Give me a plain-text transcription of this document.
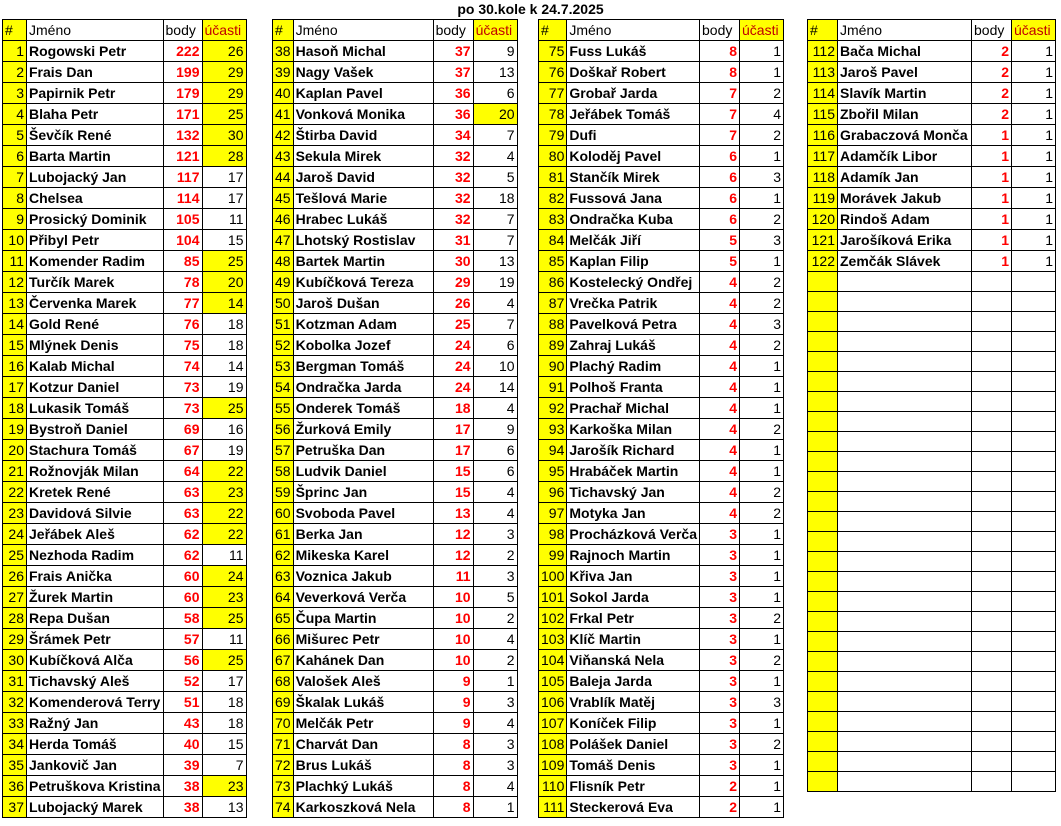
po 30.kole k 24.7.2025
#	Jméno	body	účasti
1	Rogowski Petr	222	26
2	Frais Dan	199	29
3	Papirnik Petr	179	29
4	Blaha Petr	171	25
5	Ševčík René	132	30
6	Barta Martin	121	28
7	Lubojacký Jan	117	17
8	Chelsea	114	17
9	Prosický Dominik	105	11
10	Přibyl Petr	104	15
11	Komender Radim	85	25
12	Turčík Marek	78	20
13	Červenka Marek	77	14
14	Gold René	76	18
15	Mlýnek Denis	75	18
16	Kalab Michal	74	14
17	Kotzur Daniel	73	19
18	Lukasik Tomáš	73	25
19	Bystroň Daniel	69	16
20	Stachura Tomáš	67	19
21	Rožnovják Milan	64	22
22	Kretek René	63	23
23	Davidová Silvie	63	22
24	Jeřábek Aleš	62	22
25	Nezhoda Radim	62	11
26	Frais Anička	60	24
27	Žurek Martin	60	23
28	Repa Dušan	58	25
29	Šrámek Petr	57	11
30	Kubíčková Alča	56	25
31	Tichavský Aleš	52	17
32	Komenderová Terry	51	18
33	Ražný Jan	43	18
34	Herda Tomáš	40	15
35	Jankovič Jan	39	7
36	Petruškova Kristina	38	23
37	Lubojacký Marek	38	13
#	Jméno	body	účasti
38	Hasoň Michal	37	9
39	Nagy Vašek	37	13
40	Kaplan Pavel	36	6
41	Vonková Monika	36	20
42	Štirba David	34	7
43	Sekula Mirek	32	4
44	Jaroš David	32	5
45	Tešlová Marie	32	18
46	Hrabec Lukáš	32	7
47	Lhotský Rostislav	31	7
48	Bartek Martin	30	13
49	Kubíčková Tereza	29	19
50	Jaroš Dušan	26	4
51	Kotzman Adam	25	7
52	Kobolka Jozef	24	6
53	Bergman Tomáš	24	10
54	Ondračka Jarda	24	14
55	Onderek Tomáš	18	4
56	Žurková Emily	17	9
57	Petruška Dan	17	6
58	Ludvik Daniel	15	6
59	Šprinc Jan	15	4
60	Svoboda Pavel	13	4
61	Berka Jan	12	3
62	Mikeska Karel	12	2
63	Voznica Jakub	11	3
64	Veverková Verča	10	5
65	Čupa Martin	10	2
66	Mišurec Petr	10	4
67	Kahánek Dan	10	2
68	Valošek Aleš	9	1
69	Škalak Lukáš	9	3
70	Melčák Petr	9	4
71	Charvát Dan	8	3
72	Brus Lukáš	8	3
73	Plachký Lukáš	8	4
74	Karkoszková Nela	8	1
#	Jméno	body	účasti
75	Fuss Lukáš	8	1
76	Doškař Robert	8	1
77	Grobař Jarda	7	2
78	Jeřábek Tomáš	7	4
79	Dufi	7	2
80	Koloděj Pavel	6	1
81	Stančík Mirek	6	3
82	Fussová Jana	6	1
83	Ondračka Kuba	6	2
84	Melčák Jiří	5	3
85	Kaplan Filip	5	1
86	Kostelecký Ondřej	4	2
87	Vrečka Patrik	4	2
88	Pavelková Petra	4	3
89	Zahraj Lukáš	4	2
90	Plachý Radim	4	1
91	Polhoš Franta	4	1
92	Prachař Michal	4	1
93	Karkoška Milan	4	2
94	Jarošík Richard	4	1
95	Hrabáček Martin	4	1
96	Tichavský Jan	4	2
97	Motyka Jan	4	2
98	Procházková Verča	3	1
99	Rajnoch Martin	3	1
100	Křiva Jan	3	1
101	Sokol Jarda	3	1
102	Frkal Petr	3	2
103	Klíč Martin	3	1
104	Viňanská Nela	3	2
105	Baleja Jarda	3	1
106	Vrablík Matěj	3	3
107	Koníček Filip	3	1
108	Polášek Daniel	3	2
109	Tomáš Denis	3	1
110	Flisník Petr	2	1
111	Steckerová Eva	2	1
#	Jméno	body	účasti
112	Bača Michal	2	1
113	Jaroš Pavel	2	1
114	Slavík Martin	2	1
115	Zbořil Milan	2	1
116	Grabaczová Mončа	1	1
117	Adamčík Libor	1	1
118	Adamík Jan	1	1
119	Morávek Jakub	1	1
120	Rindoš Adam	1	1
121	Jarošíková Erika	1	1
122	Zemčák Slávek	1	1
